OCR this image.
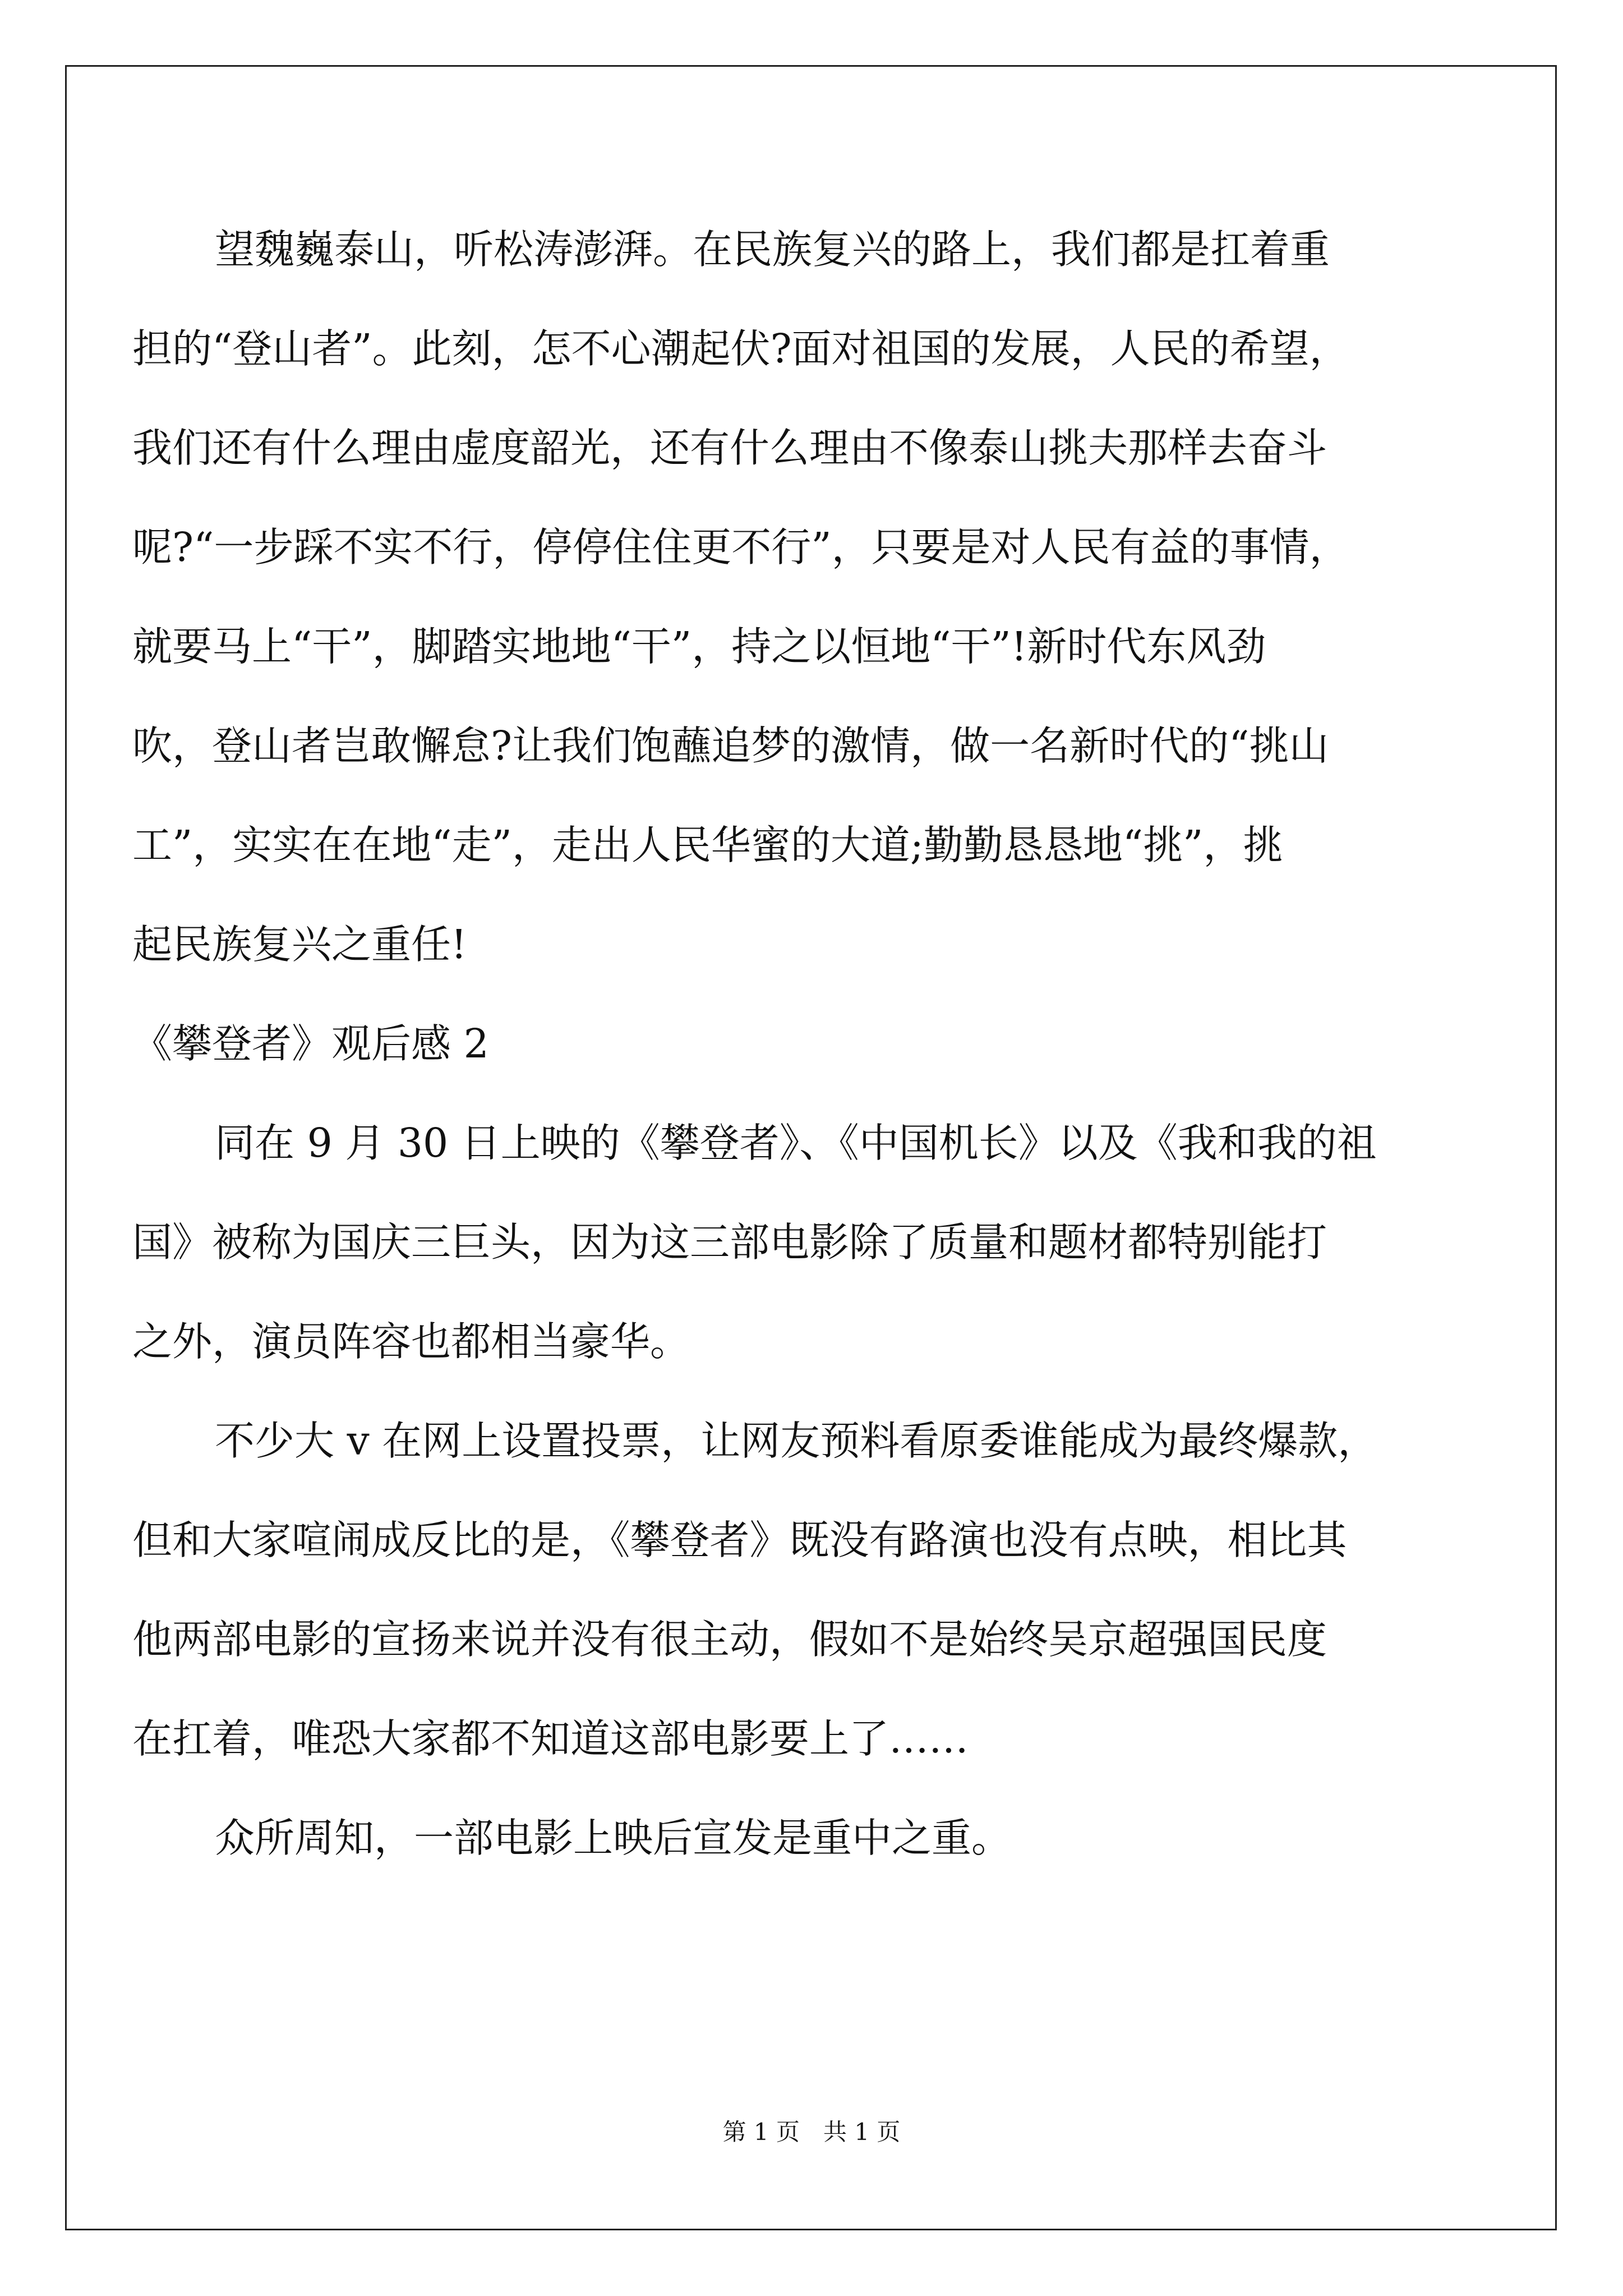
望魏巍泰山，听松涛澎湃。在民族复兴的路上，我们都是扛着重
担的“登山者”。此刻，怎不心潮起伏?面对祖国的发展，人民的希望，
我们还有什么理由虚度韶光，还有什么理由不像泰山挑夫那样去奋斗
呢?“一步踩不实不行，停停住住更不行”，只要是对人民有益的事情，
就要马上“干”，脚踏实地地“干”，持之以恒地“干”!新时代东风劲
吹，登山者岂敢懈怠?让我们饱蘸追梦的激情，做一名新时代的“挑山
工”，实实在在地“走”，走出人民华蜜的大道;勤勤恳恳地“挑”，挑
起民族复兴之重任!
《攀登者》观后感 2
同在 9 月 30 日上映的《攀登者》、《中国机长》以及《我和我的祖
国》被称为国庆三巨头，因为这三部电影除了质量和题材都特别能打
之外，演员阵容也都相当豪华。
不少大 v 在网上设置投票，让网友预料看原委谁能成为最终爆款，
但和大家喧闹成反比的是，《攀登者》既没有路演也没有点映，相比其
他两部电影的宣扬来说并没有很主动，假如不是始终吴京超强国民度
在扛着，唯恐大家都不知道这部电影要上了……
众所周知，一部电影上映后宣发是重中之重。
第 1 页　共 1 页
